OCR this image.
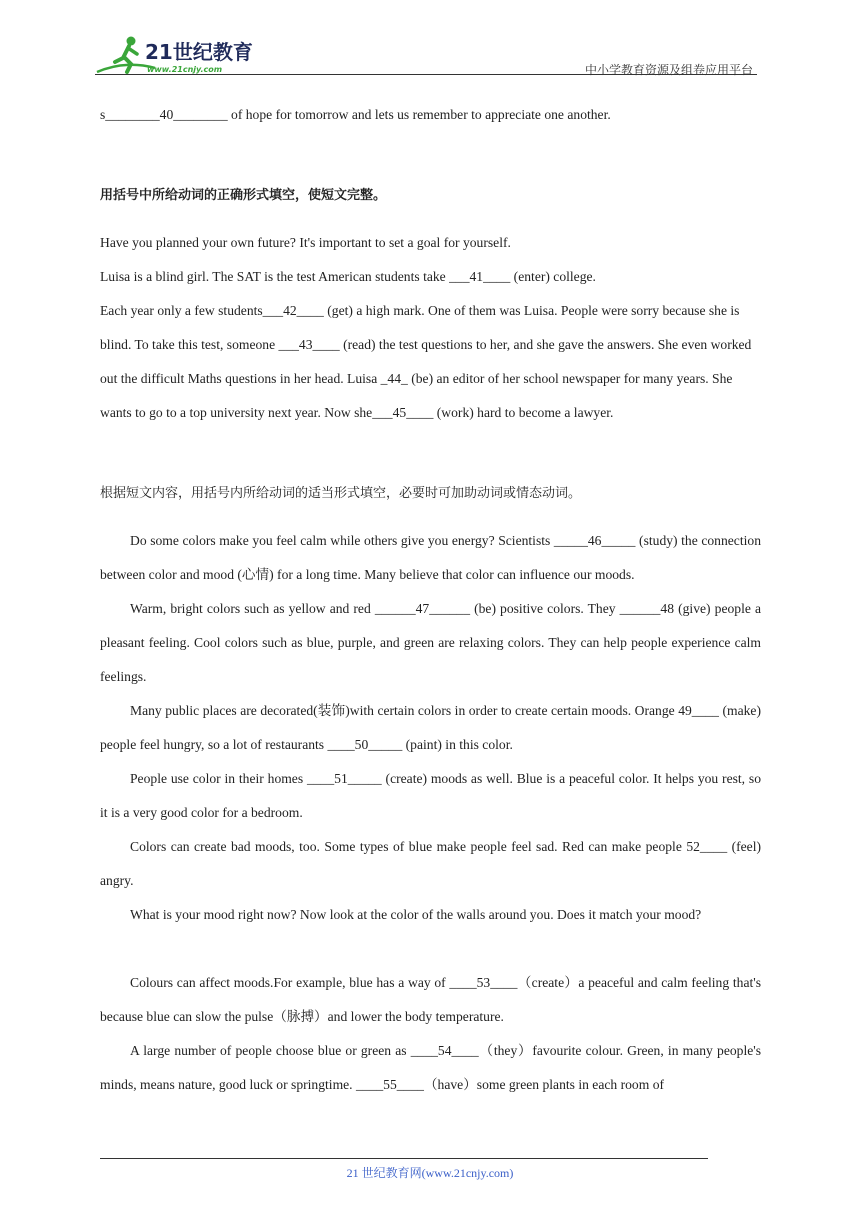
21世纪教育
www.21cnjy.com	中小学教育资源及组卷应用平台

s________40________ of hope for tomorrow and lets us remember to appreciate one another.

用括号中所给动词的正确形式填空，使短文完整。

Have you planned your own future? It's important to set a goal for yourself.

Luisa is a blind girl. The SAT is the test American students take ___41____ (enter) college.

Each year only a few students___42____ (get) a high mark. One of them was Luisa. People were sorry because she is blind. To take this test, someone ___43____ (read) the test questions to her, and she gave the answers. She even worked out the difficult Maths questions in her head. Luisa _44_ (be) an editor of her school newspaper for many years. She wants to go to a top university next year. Now she___45____ (work) hard to become a lawyer.

根据短文内容，用括号内所给动词的适当形式填空，必要时可加助动词或情态动词。

Do some colors make you feel calm while others give you energy? Scientists _____46_____ (study) the connection between color and mood (心情) for a long time. Many believe that color can influence our moods.

Warm, bright colors such as yellow and red ______47______ (be) positive colors. They ______48 (give) people a pleasant feeling. Cool colors such as blue, purple, and green are relaxing colors. They can help people experience calm feelings.

Many public places are decorated(装饰)with certain colors in order to create certain moods. Orange 49____ (make) people feel hungry, so a lot of restaurants ____50_____ (paint) in this color.

People use color in their homes ____51_____ (create) moods as well. Blue is a peaceful color. It helps you rest, so it is a very good color for a bedroom.

Colors can create bad moods, too. Some types of blue make people feel sad. Red can make people 52____ (feel) angry.

What is your mood right now? Now look at the color of the walls around you. Does it match your mood?

Colours can affect moods.For example, blue has a way of ____53____（create）a peaceful and calm feeling that's because blue can slow the pulse（脉搏）and lower the body temperature.

A large number of people choose blue or green as ____54____（they）favourite colour. Green, in many people's minds, means nature, good luck or springtime. ____55____（have）some green plants in each room of

21 世纪教育网(www.21cnjy.com)
